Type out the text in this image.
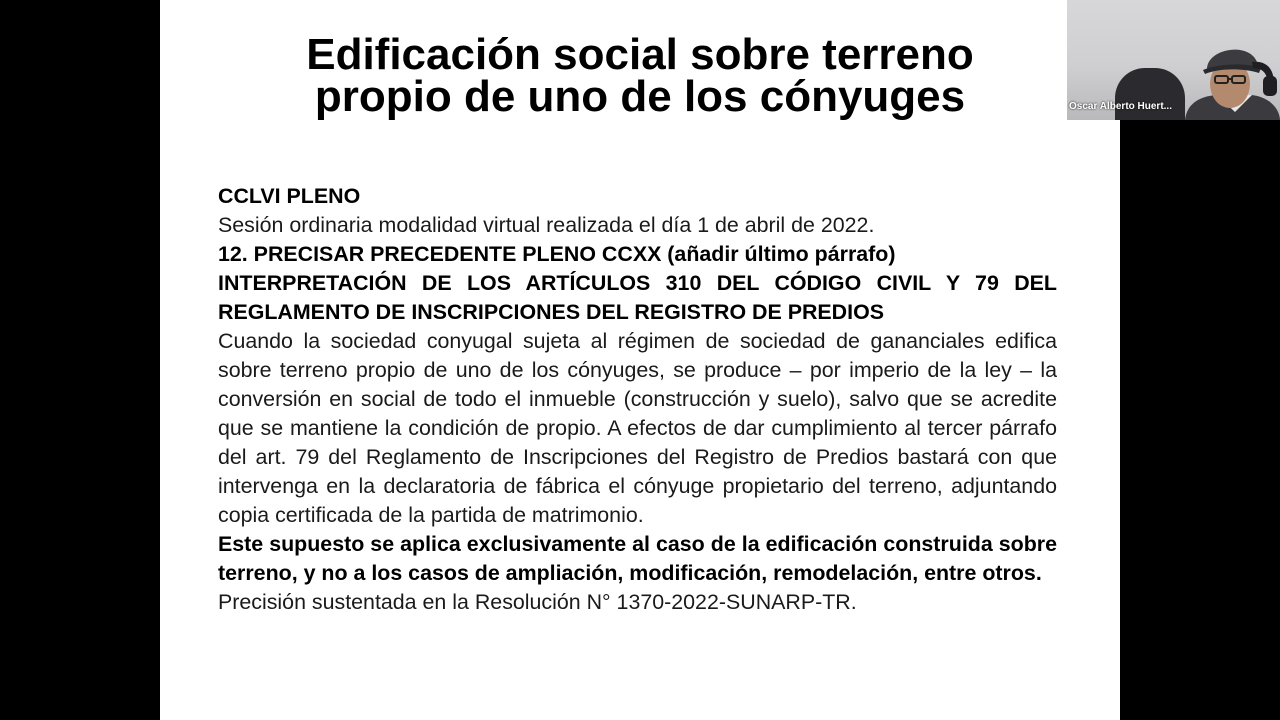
Edificación social sobre terreno
propio de uno de los cónyuges

CCLVI PLENO

Sesión ordinaria modalidad virtual realizada el día 1 de abril de 2022.

12. PRECISAR PRECEDENTE PLENO CCXX (añadir último párrafo)

INTERPRETACIÓN DE LOS ARTÍCULOS 310 DEL CÓDIGO CIVIL Y 79 DEL REGLAMENTO DE INSCRIPCIONES DEL REGISTRO DE PREDIOS

Cuando la sociedad conyugal sujeta al régimen de sociedad de gananciales edifica sobre terreno propio de uno de los cónyuges, se produce – por imperio de la ley – la conversión en social de todo el inmueble (construcción y suelo), salvo que se acredite que se mantiene la condición de propio. A efectos de dar cumplimiento al tercer párrafo del art. 79 del Reglamento de Inscripciones del Registro de Predios bastará con que intervenga en la declaratoria de fábrica el cónyuge propietario del terreno, adjuntando copia certificada de la partida de matrimonio.

Este supuesto se aplica exclusivamente al caso de la edificación construida sobre terreno, y no a los casos de ampliación, modificación, remodelación, entre otros.

Precisión sustentada en la Resolución N° 1370-2022-SUNARP-TR.

Oscar Alberto Huert...
